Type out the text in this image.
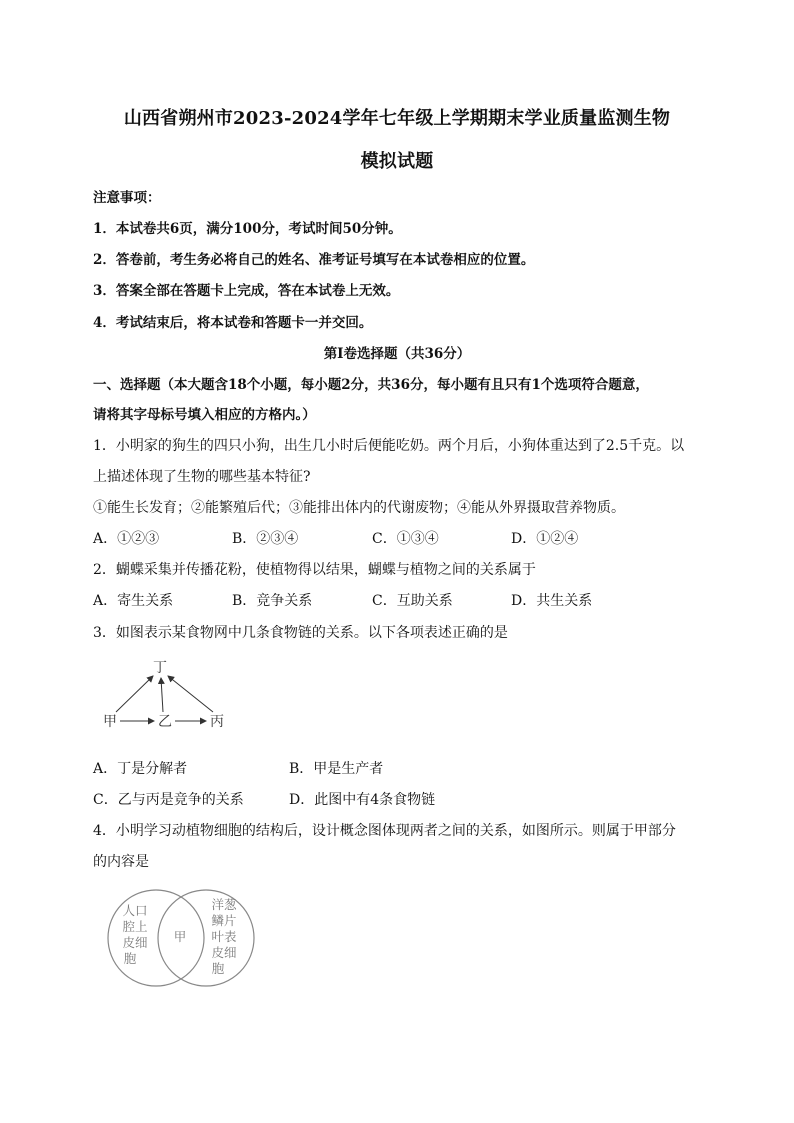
山西省朔州市2023-2024学年七年级上学期期末学业质量监测生物
模拟试题
注意事项：
1．本试卷共6页，满分100分，考试时间50分钟。
2．答卷前，考生务必将自己的姓名、准考证号填写在本试卷相应的位置。
3．答案全部在答题卡上完成，答在本试卷上无效。
4．考试结束后，将本试卷和答题卡一并交回。
第Ⅰ卷选择题（共36分）
一、选择题（本大题含18个小题，每小题2分，共36分，每小题有且只有1个选项符合题意，
请将其字母标号填入相应的方格内。）
1．小明家的狗生的四只小狗，出生几小时后便能吃奶。两个月后，小狗体重达到了2.5千克。以
上描述体现了生物的哪些基本特征?
①能生长发育；②能繁殖后代；③能排出体内的代谢废物；④能从外界摄取营养物质。
A．①②③	B．②③④	C．①③④	D．①②④
2．蝴蝶采集并传播花粉，使植物得以结果，蝴蝶与植物之间的关系属于
A．寄生关系	B．竞争关系	C．互助关系	D．共生关系
3．如图表示某食物网中几条食物链的关系。以下各项表述正确的是
丁
甲	乙	丙
A．丁是分解者	B．甲是生产者
C．乙与丙是竞争的关系	D．此图中有4条食物链
4．小明学习动植物细胞的结构后，设计概念图体现两者之间的关系，如图所示。则属于甲部分
的内容是
人口
腔上
皮细
胞
甲
洋葱
鳞片
叶表
皮细
胞
